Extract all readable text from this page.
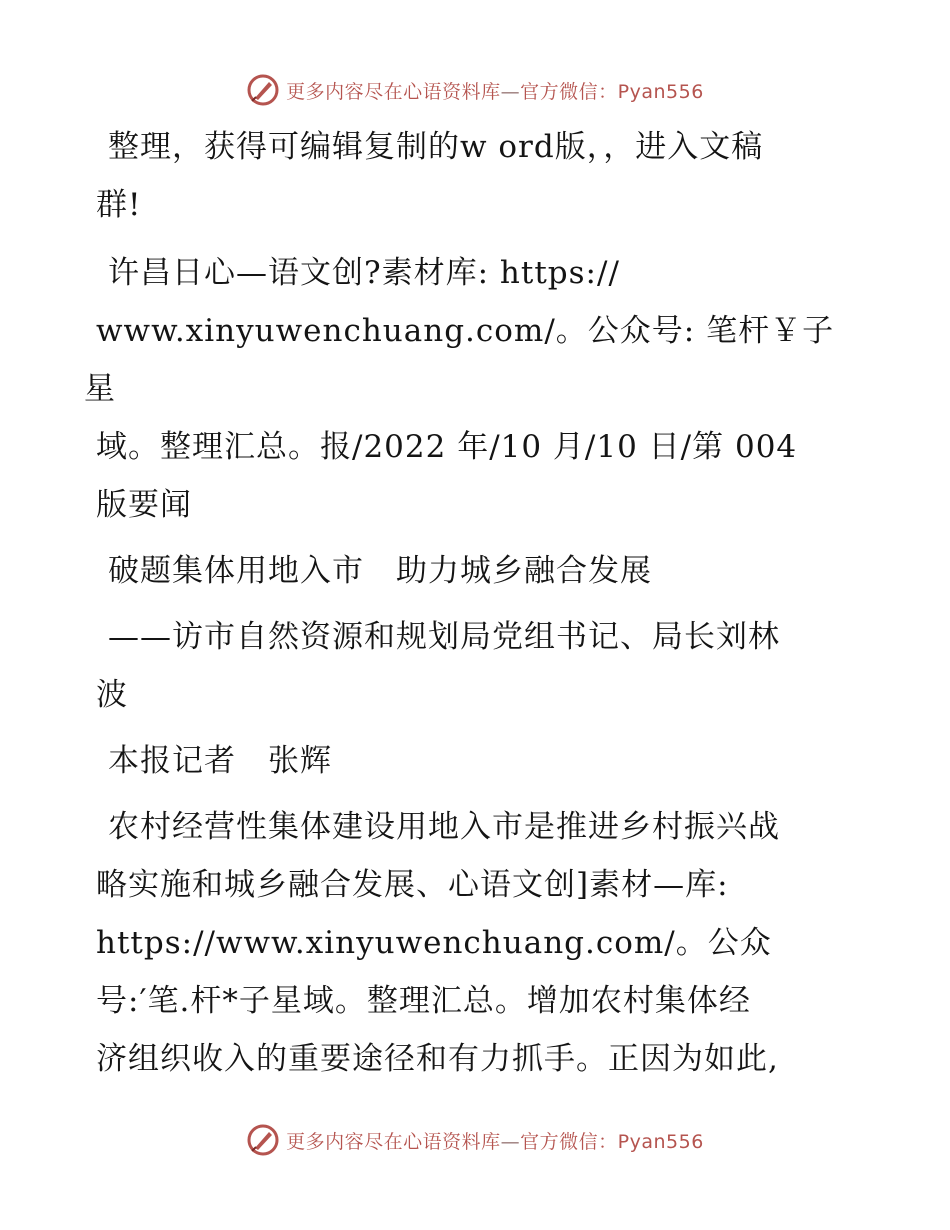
更多内容尽在心语资料库—官方微信：Pyan556
整理，获得可编辑复制的w ord版，，进入文稿
群!
许昌日心—语文创?素材库: https://
www.xinyuwenchuang.com/。公众号: 笔杆￥子星
域。整理汇总。报/2022 年/10 月/10 日/第 004
版要闻
破题集体用地入市　助力城乡融合发展
——访市自然资源和规划局党组书记、局长刘林
波
本报记者　张辉
农村经营性集体建设用地入市是推进乡村振兴战
略实施和城乡融合发展、心语文创]素材—库:
https://www.xinyuwenchuang.com/。公众
号:′笔.杆*子星域。整理汇总。增加农村集体经
济组织收入的重要途径和有力抓手。正因为如此,
更多内容尽在心语资料库—官方微信：Pyan556
